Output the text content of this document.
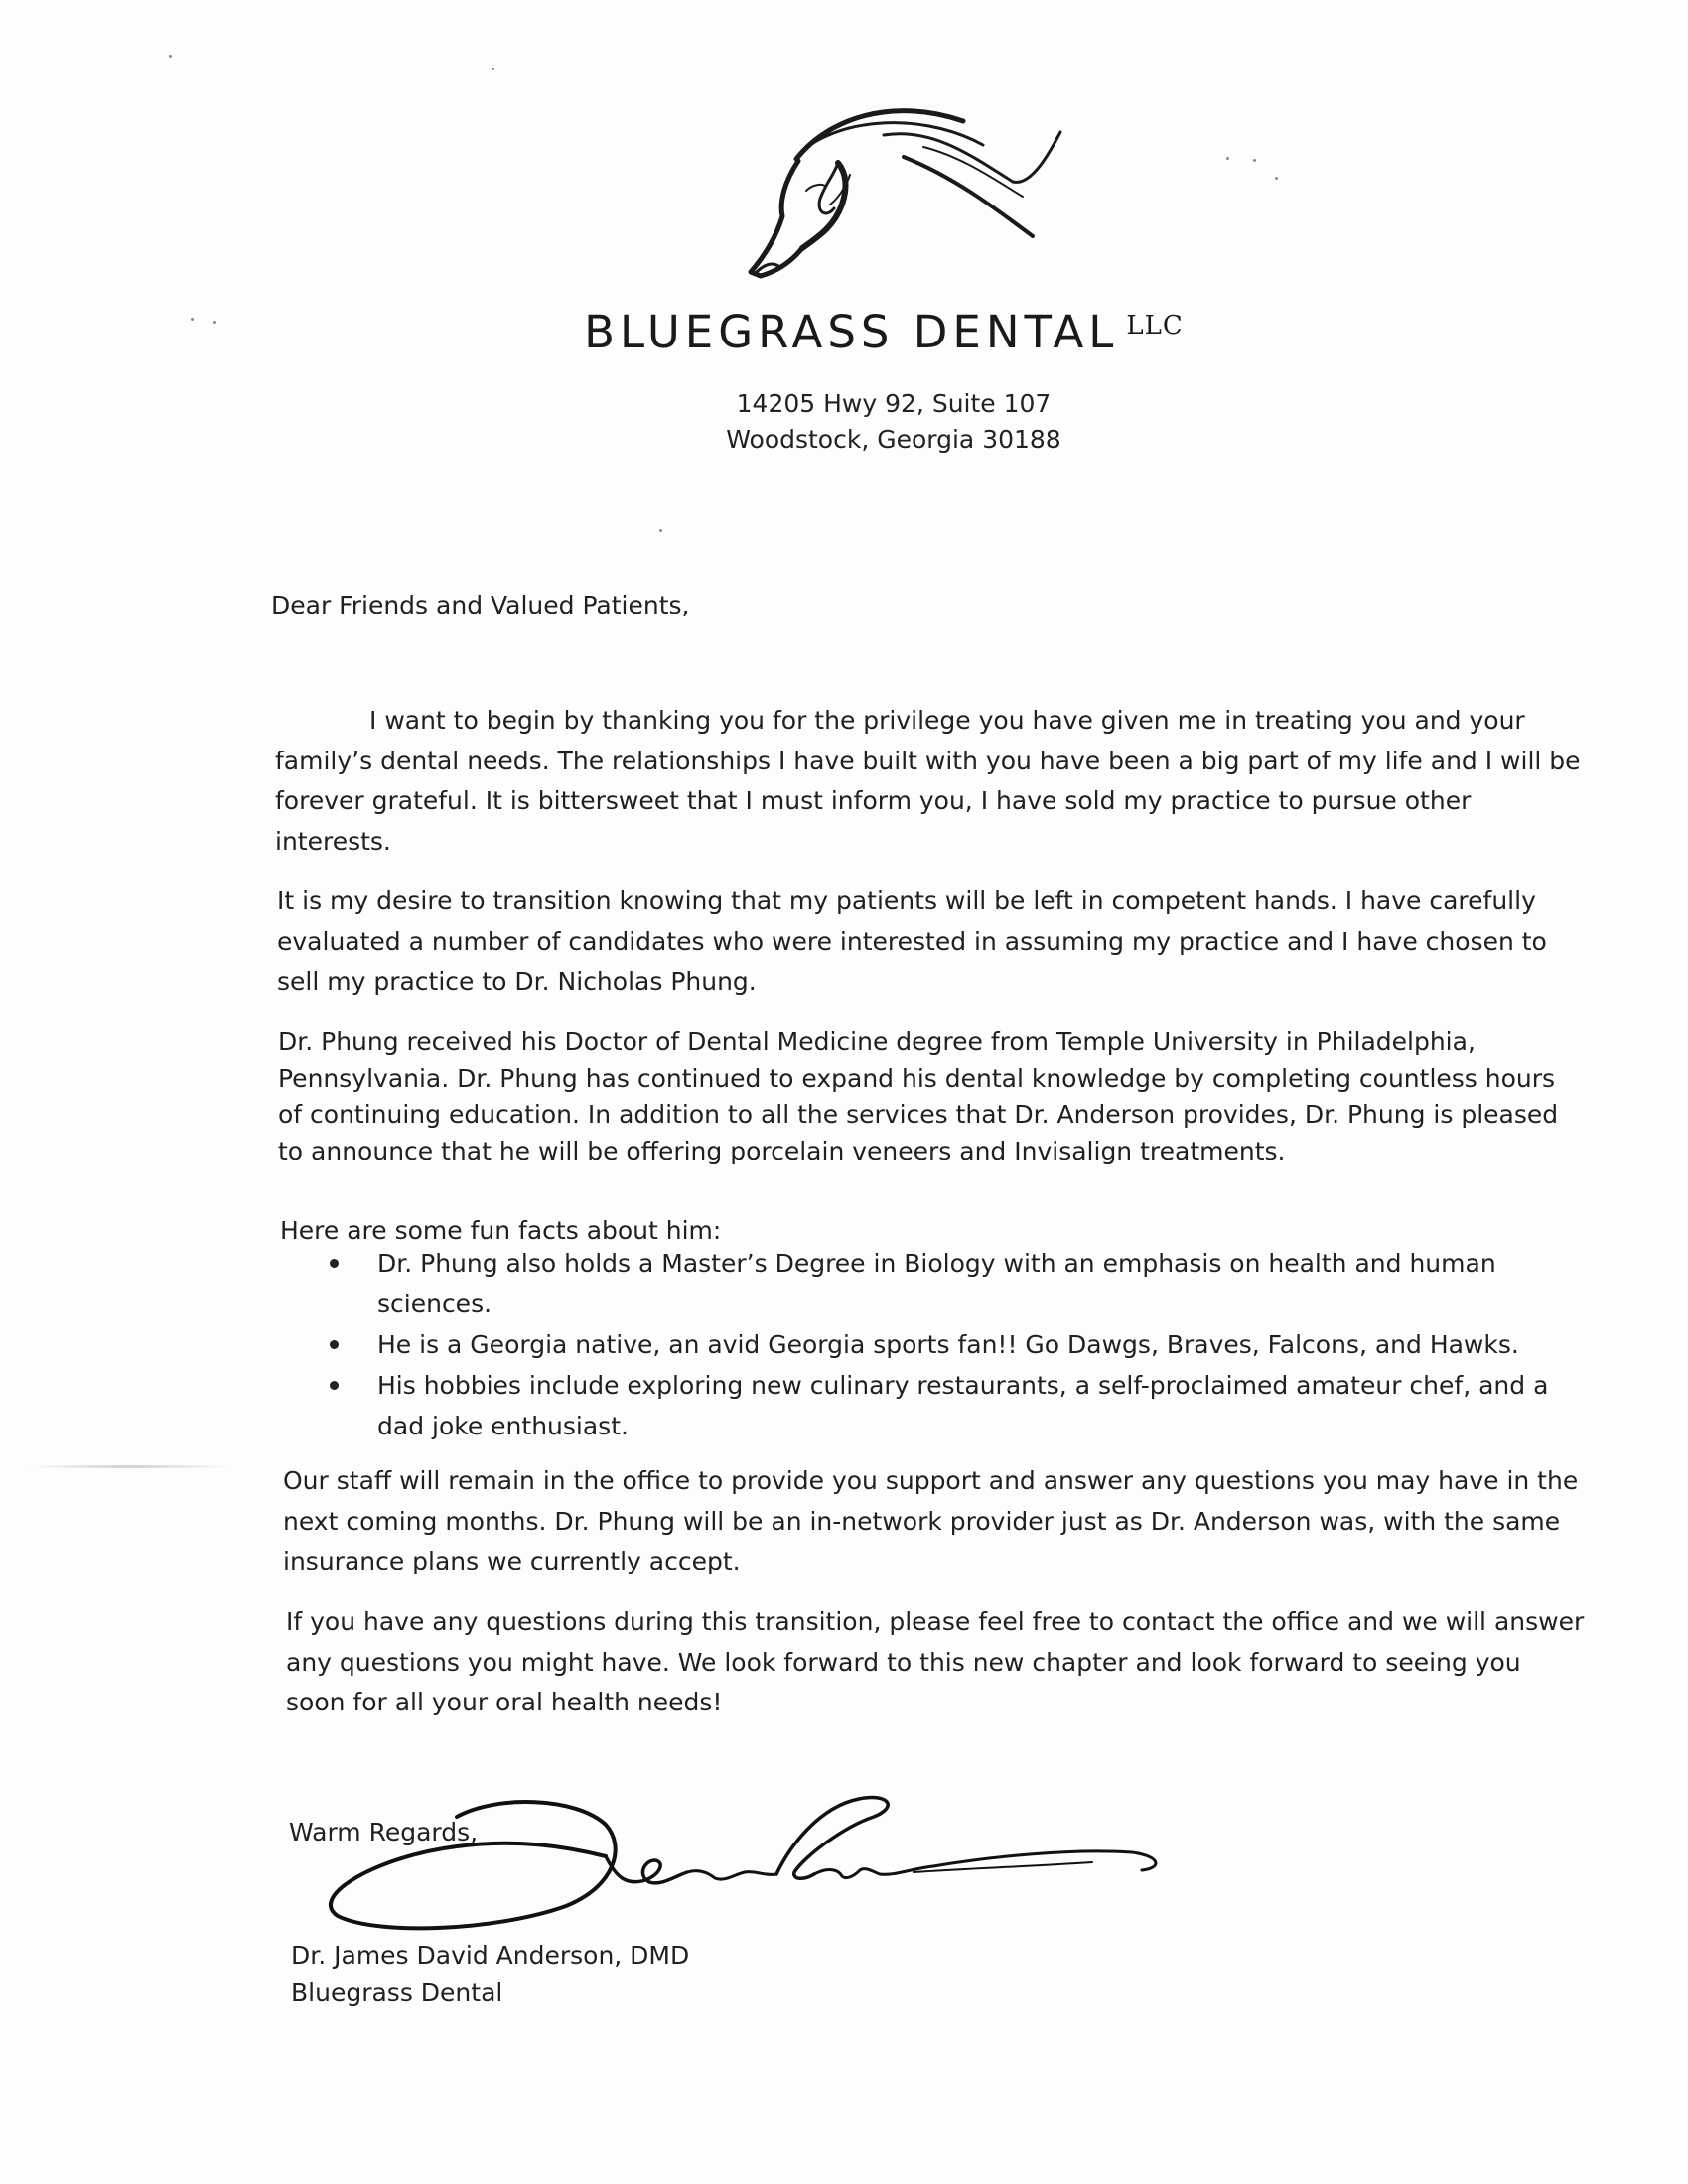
BLUEGRASS DENTAL $^{LLC}$
14205 Hwy 92, Suite 107
Woodstock, Georgia 30188
Dear Friends and Valued Patients,
I want to begin by thanking you for the privilege you have given me in treating you and your
family’s dental needs. The relationships I have built with you have been a big part of my life and I will be
forever grateful. It is bittersweet that I must inform you, I have sold my practice to pursue other
interests.
It is my desire to transition knowing that my patients will be left in competent hands. I have carefully
evaluated a number of candidates who were interested in assuming my practice and I have chosen to
sell my practice to Dr. Nicholas Phung.
Dr. Phung received his Doctor of Dental Medicine degree from Temple University in Philadelphia,
Pennsylvania. Dr. Phung has continued to expand his dental knowledge by completing countless hours
of continuing education. In addition to all the services that Dr. Anderson provides, Dr. Phung is pleased
to announce that he will be offering porcelain veneers and Invisalign treatments.
Here are some fun facts about him:
Dr. Phung also holds a Master’s Degree in Biology with an emphasis on health and human
sciences.
He is a Georgia native, an avid Georgia sports fan!! Go Dawgs, Braves, Falcons, and Hawks.
His hobbies include exploring new culinary restaurants, a self-proclaimed amateur chef, and a
dad joke enthusiast.
Our staff will remain in the office to provide you support and answer any questions you may have in the
next coming months. Dr. Phung will be an in-network provider just as Dr. Anderson was, with the same
insurance plans we currently accept.
If you have any questions during this transition, please feel free to contact the office and we will answer
any questions you might have. We look forward to this new chapter and look forward to seeing you
soon for all your oral health needs!
Warm Regards,
Dr. James David Anderson, DMD
Bluegrass Dental
